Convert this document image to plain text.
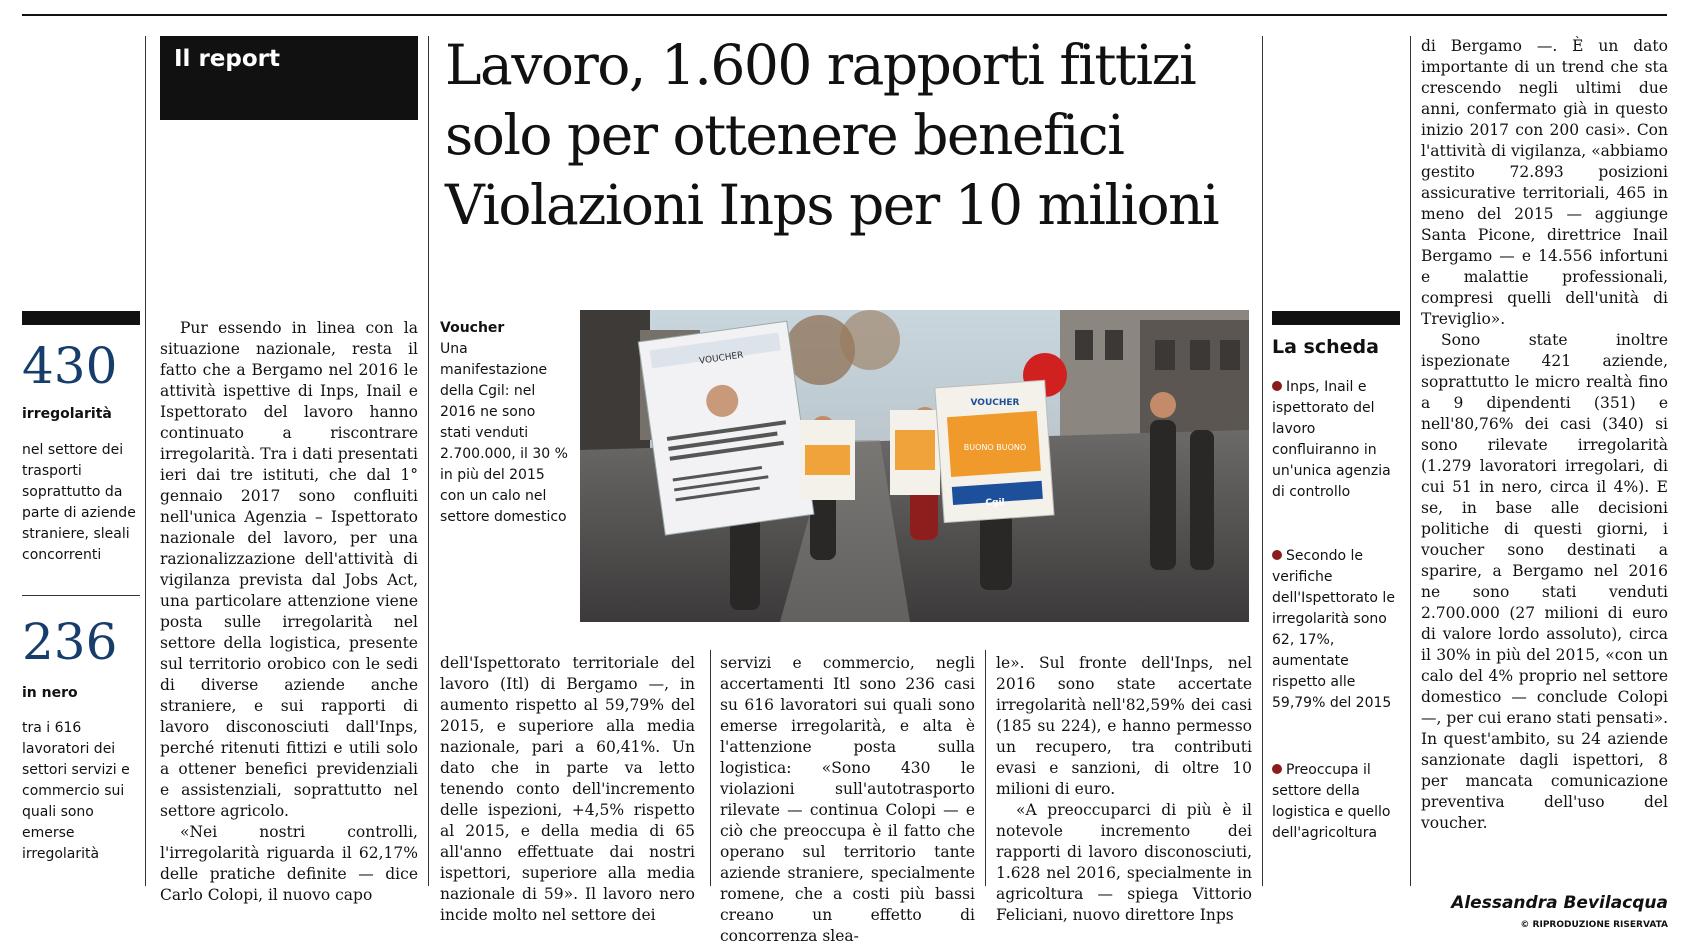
Il report	Lavoro, 1.600 rapporti fittizi
solo per ottenere benefici
Violazioni Inps per 10 milioni
430
irregolarità
nel settore dei trasporti soprattutto da parte di aziende straniere, sleali concorrenti
236
in nero
tra i 616 lavoratori dei settori servizi e commercio sui quali sono emerse irregolarità
Voucher
Una manifestazione della Cgil: nel 2016 ne sono stati venduti 2.700.000, il 30 % in più del 2015 con un calo nel settore domestico
VOUCHER
VOUCHER
BUONO BUONO
Cgil

Pur essendo in linea con la situazione nazionale, resta il fatto che a Bergamo nel 2016 le attività ispettive di Inps, Inail e Ispettorato del lavoro hanno continuato a riscontrare irregolarità. Tra i dati presentati ieri dai tre istituti, che dal 1° gennaio 2017 sono confluiti nell'unica Agenzia – Ispettorato nazionale del lavoro, per una razionalizzazione dell'attività di vigilanza prevista dal Jobs Act, una particolare attenzione viene posta sulle irregolarità nel settore della logistica, presente sul territorio orobico con le sedi di diverse aziende anche straniere, e sui rapporti di lavoro disconosciuti dall'Inps, perché ritenuti fittizi e utili solo a ottener benefici previdenziali e assistenziali, soprattutto nel settore agricolo.

«Nei nostri controlli, l'irregolarità riguarda il 62,17% delle pratiche definite — dice Carlo Colopi, il nuovo capo

dell'Ispettorato territoriale del lavoro (Itl) di Bergamo —, in aumento rispetto al 59,79% del 2015, e superiore alla media nazionale, pari a 60,41%. Un dato che in parte va letto tenendo conto dell'incremento delle ispezioni, +4,5% rispetto al 2015, e della media di 65 all'anno effettuate dai nostri ispettori, superiore alla media nazionale di 59». Il lavoro nero incide molto nel settore dei

servizi e commercio, negli accertamenti Itl sono 236 casi su 616 lavoratori sui quali sono emerse irregolarità, e alta è l'attenzione posta sulla logistica: «Sono 430 le violazioni sull'autotrasporto rilevate — continua Colopi — e ciò che preoccupa è il fatto che operano sul territorio tante aziende straniere, specialmente romene, che a costi più bassi creano un effetto di concorrenza slea-

le». Sul fronte dell'Inps, nel 2016 sono state accertate irregolarità nell'82,59% dei casi (185 su 224), e hanno permesso un recupero, tra contributi evasi e sanzioni, di oltre 10 milioni di euro.

«A preoccuparci di più è il notevole incremento dei rapporti di lavoro disconosciuti, 1.628 nel 2016, specialmente in agricoltura — spiega Vittorio Feliciani, nuovo direttore Inps

di Bergamo —. È un dato importante di un trend che sta crescendo negli ultimi due anni, confermato già in questo inizio 2017 con 200 casi». Con l'attività di vigilanza, «abbiamo gestito 72.893 posizioni assicurative territoriali, 465 in meno del 2015 — aggiunge Santa Picone, direttrice Inail Bergamo — e 14.556 infortuni e malattie professionali, compresi quelli dell'unità di Treviglio».

Sono state inoltre ispezionate 421 aziende, soprattutto le micro realtà fino a 9 dipendenti (351) e nell'80,76% dei casi (340) si sono rilevate irregolarità (1.279 lavoratori irregolari, di cui 51 in nero, circa il 4%). E se, in base alle decisioni politiche di questi giorni, i voucher sono destinati a sparire, a Bergamo nel 2016 ne sono stati venduti 2.700.000 (27 milioni di euro di valore lordo assoluto), circa il 30% in più del 2015, «con un calo del 4% proprio nel settore domestico — conclude Colopi —, per cui erano stati pensati». In quest'ambito, su 24 aziende sanzionate dagli ispettori, 8 per mancata comunicazione preventiva dell'uso del voucher.

La scheda
Inps, Inail e ispettorato del lavoro confluiranno in un'unica agenzia di controllo
Secondo le verifiche dell'Ispettorato le irregolarità sono 62, 17%, aumentate rispetto alle 59,79% del 2015
Preoccupa il settore della logistica e quello dell'agricoltura
Alessandra Bevilacqua
© RIPRODUZIONE RISERVATA
